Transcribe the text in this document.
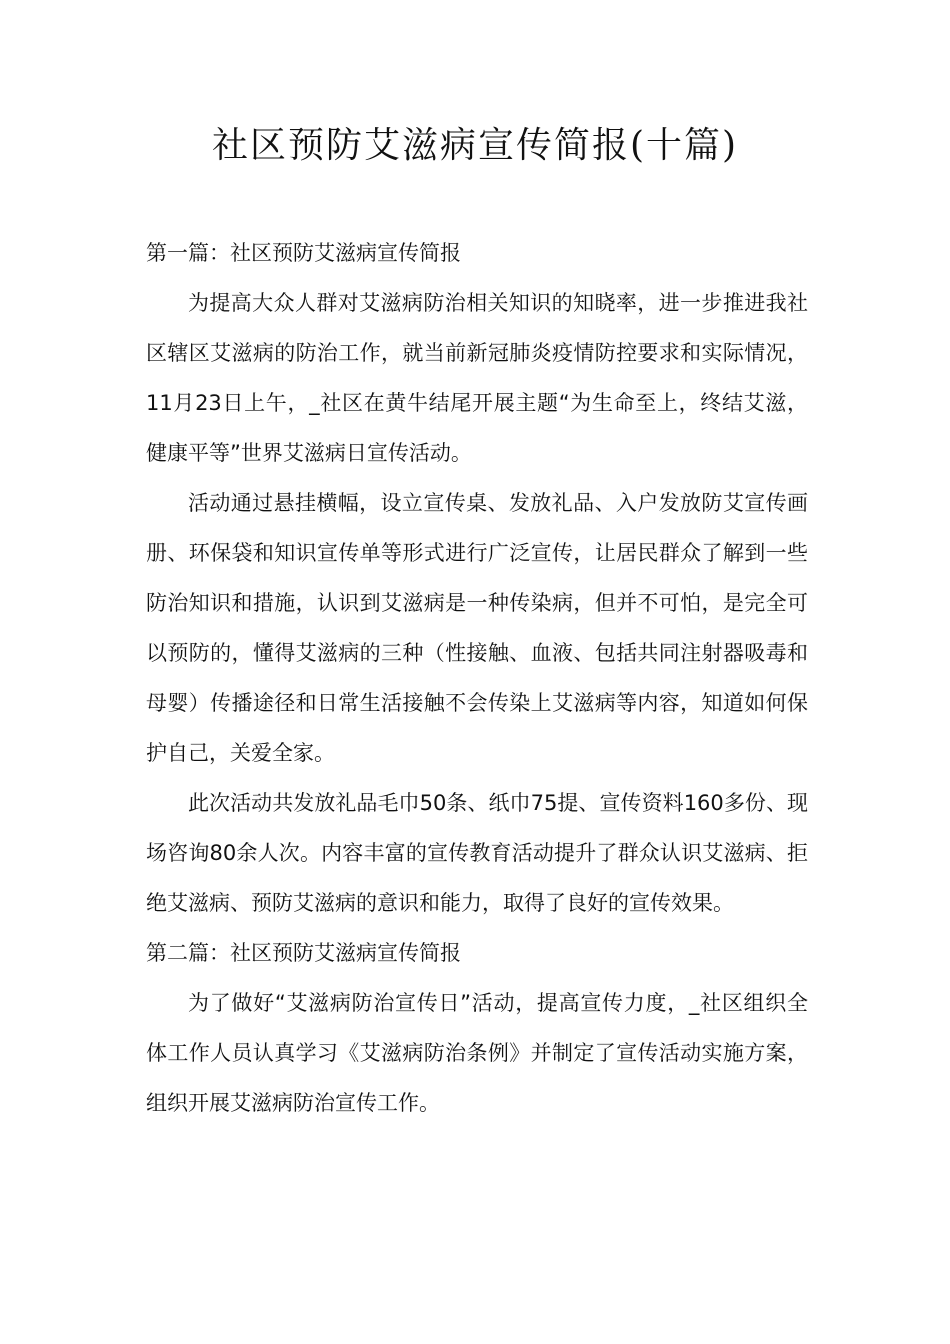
社区预防艾滋病宣传简报(十篇)
第一篇：社区预防艾滋病宣传简报

为提高大众人群对艾滋病防治相关知识的知晓率，进一步推进我社区辖区艾滋病的防治工作，就当前新冠肺炎疫情防控要求和实际情况，11月23日上午，_社区在黄牛结尾开展主题“为生命至上，终结艾滋，健康平等”世界艾滋病日宣传活动。

活动通过悬挂横幅，设立宣传桌、发放礼品、入户发放防艾宣传画册、环保袋和知识宣传单等形式进行广泛宣传，让居民群众了解到一些防治知识和措施，认识到艾滋病是一种传染病，但并不可怕，是完全可以预防的，懂得艾滋病的三种（性接触、血液、包括共同注射器吸毒和母婴）传播途径和日常生活接触不会传染上艾滋病等内容，知道如何保护自己，关爱全家。

此次活动共发放礼品毛巾50条、纸巾75提、宣传资料160多份、现场咨询80余人次。内容丰富的宣传教育活动提升了群众认识艾滋病、拒绝艾滋病、预防艾滋病的意识和能力，取得了良好的宣传效果。

第二篇：社区预防艾滋病宣传简报

为了做好“艾滋病防治宣传日”活动，提高宣传力度，_社区组织全体工作人员认真学习《艾滋病防治条例》并制定了宣传活动实施方案，组织开展艾滋病防治宣传工作。
